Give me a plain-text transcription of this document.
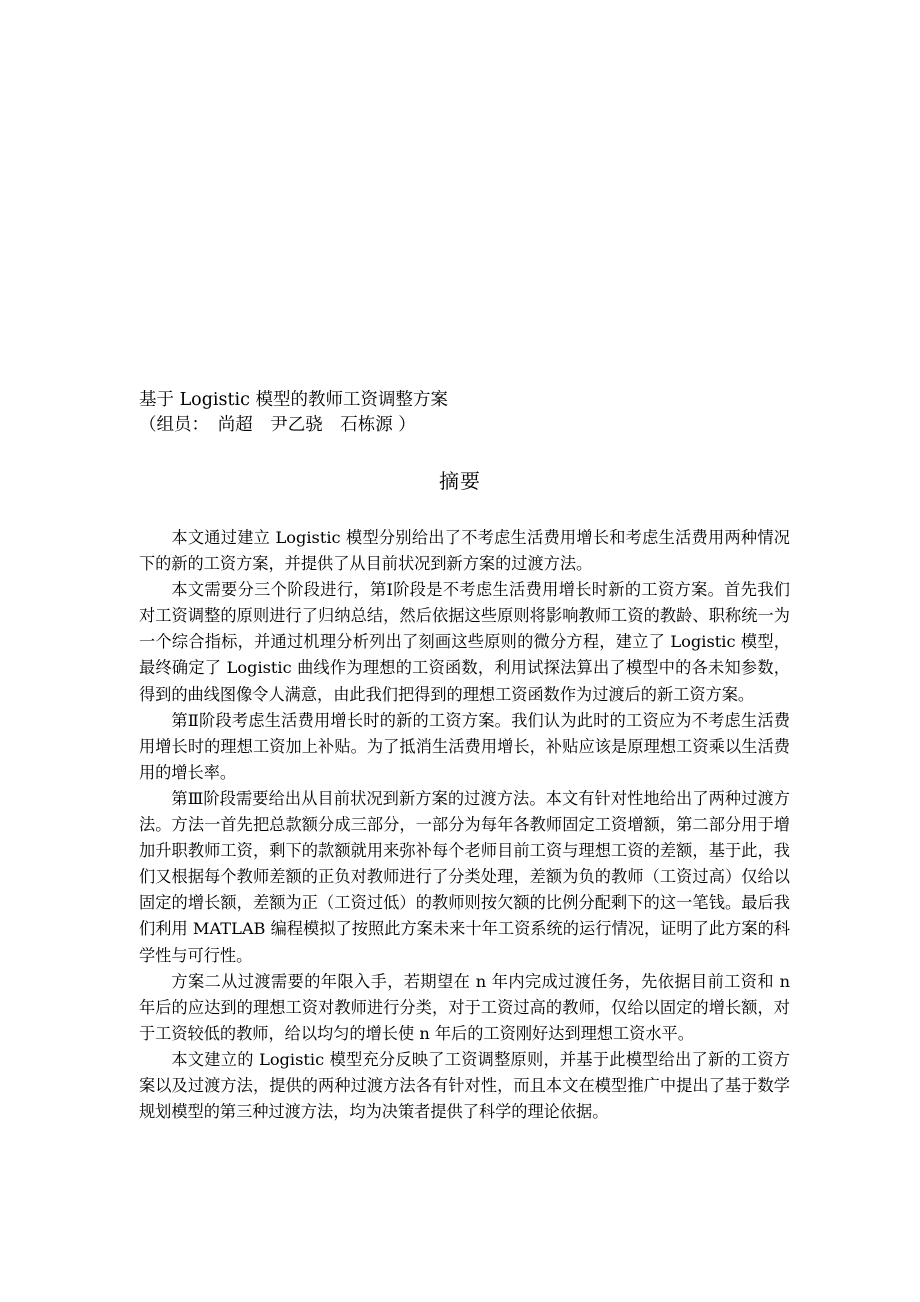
基于 Logistic 模型的教师工资调整方案
（组员：　尚超　尹乙骁　石栋源 ）
摘要

本文通过建立 Logistic 模型分别给出了不考虑生活费用增长和考虑生活费用两种情况下的新的工资方案，并提供了从目前状况到新方案的过渡方法。

本文需要分三个阶段进行，第Ⅰ阶段是不考虑生活费用增长时新的工资方案。首先我们对工资调整的原则进行了归纳总结，然后依据这些原则将影响教师工资的教龄、职称统一为一个综合指标，并通过机理分析列出了刻画这些原则的微分方程，建立了 Logistic 模型，最终确定了 Logistic 曲线作为理想的工资函数，利用试探法算出了模型中的各未知参数，得到的曲线图像令人满意，由此我们把得到的理想工资函数作为过渡后的新工资方案。

第Ⅱ阶段考虑生活费用增长时的新的工资方案。我们认为此时的工资应为不考虑生活费用增长时的理想工资加上补贴。为了抵消生活费用增长，补贴应该是原理想工资乘以生活费用的增长率。

第Ⅲ阶段需要给出从目前状况到新方案的过渡方法。本文有针对性地给出了两种过渡方法。方法一首先把总款额分成三部分，一部分为每年各教师固定工资增额，第二部分用于增加升职教师工资，剩下的款额就用来弥补每个老师目前工资与理想工资的差额，基于此，我们又根据每个教师差额的正负对教师进行了分类处理，差额为负的教师（工资过高）仅给以固定的增长额，差额为正（工资过低）的教师则按欠额的比例分配剩下的这一笔钱。最后我们利用 MATLAB 编程模拟了按照此方案未来十年工资系统的运行情况，证明了此方案的科学性与可行性。

方案二从过渡需要的年限入手，若期望在 n 年内完成过渡任务，先依据目前工资和 n 年后的应达到的理想工资对教师进行分类，对于工资过高的教师，仅给以固定的增长额，对于工资较低的教师，给以均匀的增长使 n 年后的工资刚好达到理想工资水平。

本文建立的 Logistic 模型充分反映了工资调整原则，并基于此模型给出了新的工资方案以及过渡方法，提供的两种过渡方法各有针对性，而且本文在模型推广中提出了基于数学规划模型的第三种过渡方法，均为决策者提供了科学的理论依据。
